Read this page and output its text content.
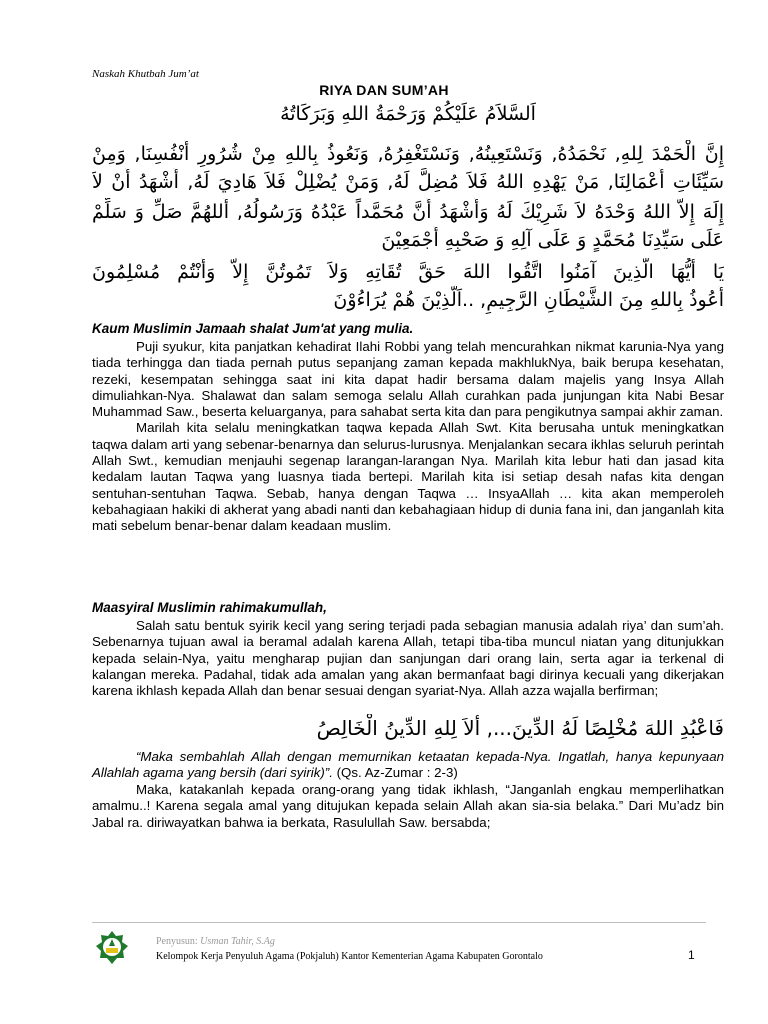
Naskah Khutbah Jum’at
RIYA DAN SUM’AH
اَلسَّلاَمُ عَلَيْكُمْ وَرَحْمَةُ اللهِ وَبَرَكَاتُهُ
إِنَّ الْحَمْدَ لِلهِ, نَحْمَدُهُ, وَنَسْتَعِينُهُ, وَنَسْتَغْفِرُهُ, وَنَعُوذُ بِاللهِ مِنْ شُرُورِ أَنْفُسِنَا, وَمِنْ
سَيِّئَاتِ أَعْمَالِنَا, مَنْ يَهْدِهِ اللهُ فَلاَ مُضِلَّ لَهُ, وَمَنْ يُضْلِلْ فَلاَ هَادِيَ لَهُ, أَشْهَدُ أَنْ لاَ
إِلَهَ إِلاَّ اللهُ وَحْدَهُ لاَ شَرِيْكَ لَهُ وَأَشْهَدُ أَنَّ مُحَمَّداً عَبْدُهُ وَرَسُولُهُ, أَللهُمَّ صَلِّ وَ سَلِّمْ
عَلَى سَيِّدِنَا مُحَمَّدٍ وَ عَلَى آلِهِ وَ صَحْبِهِ أَجْمَعِيْنَ
يَا أَيُّهَا الَّذِينَ آمَنُوا اتَّقُوا اللهَ حَقَّ تُقَاتِهِ وَلاَ تَمُوتُنَّ إِلاَّ وَأَنْتُمْ مُسْلِمُونَ
أَعُوذُ بِاللهِ مِنَ الشَّيْطَانِ الرَّجِيمِ, ..اَلَّذِيْنَ هُمْ يُرَاءُوْنَ
Kaum Muslimin Jamaah shalat Jum'at yang mulia.

Puji syukur, kita panjatkan kehadirat Ilahi Robbi yang telah mencurahkan nikmat karunia-Nya yang tiada terhingga dan tiada pernah putus sepanjang zaman kepada makhlukNya, baik berupa kesehatan, rezeki, kesempatan sehingga saat ini kita dapat hadir bersama dalam majelis yang Insya Allah dimuliahkan-Nya. Shalawat dan salam semoga selalu Allah curahkan pada junjungan kita Nabi Besar Muhammad Saw., beserta keluarganya, para sahabat serta kita dan para pengikutnya sampai akhir zaman.

Marilah kita selalu meningkatkan taqwa kepada Allah Swt. Kita berusaha untuk meningkatkan taqwa dalam arti yang sebenar-benarnya dan selurus-lurusnya. Menjalankan secara ikhlas seluruh perintah Allah Swt., kemudian menjauhi segenap larangan-larangan Nya. Marilah kita lebur hati dan jasad kita kedalam lautan Taqwa yang luasnya tiada bertepi. Marilah kita isi setiap desah nafas kita dengan sentuhan-sentuhan Taqwa. Sebab, hanya dengan Taqwa … InsyaAllah … kita akan memperoleh kebahagiaan hakiki di akherat yang abadi nanti dan kebahagiaan hidup di dunia fana ini, dan janganlah kita mati sebelum benar-benar dalam keadaan muslim.

Maasyiral Muslimin rahimakumullah,

Salah satu bentuk syirik kecil yang sering terjadi pada sebagian manusia adalah riya’ dan sum’ah. Sebenarnya tujuan awal ia beramal adalah karena Allah, tetapi tiba-tiba muncul niatan yang ditunjukkan kepada selain-Nya, yaitu mengharap pujian dan sanjungan dari orang lain, serta agar ia terkenal di kalangan mereka. Padahal, tidak ada amalan yang akan bermanfaat bagi dirinya kecuali yang dikerjakan karena ikhlash kepada Allah dan benar sesuai dengan syariat-Nya. Allah azza wajalla berfirman;

فَاعْبُدِ اللهَ مُخْلِصًا لَهُ الدِّينَ..., أَلاَ لِلهِ الدِّينُ الْخَالِصُ

“Maka sembahlah Allah dengan memurnikan ketaatan kepada-Nya. Ingatlah, hanya kepunyaan Allahlah agama yang bersih (dari syirik)”. (Qs. Az-Zumar : 2-3)

Maka, katakanlah kepada orang-orang yang tidak ikhlash, “Janganlah engkau memperlihatkan amalmu..! Karena segala amal yang ditujukan kepada selain Allah akan sia-sia belaka.” Dari Mu’adz bin Jabal ra. diriwayatkan bahwa ia berkata, Rasulullah Saw. bersabda;

Penyusun: Usman Tahir, S.Ag
Kelompok Kerja Penyuluh Agama (Pokjaluh) Kantor Kementerian Agama Kabupaten Gorontalo	1
